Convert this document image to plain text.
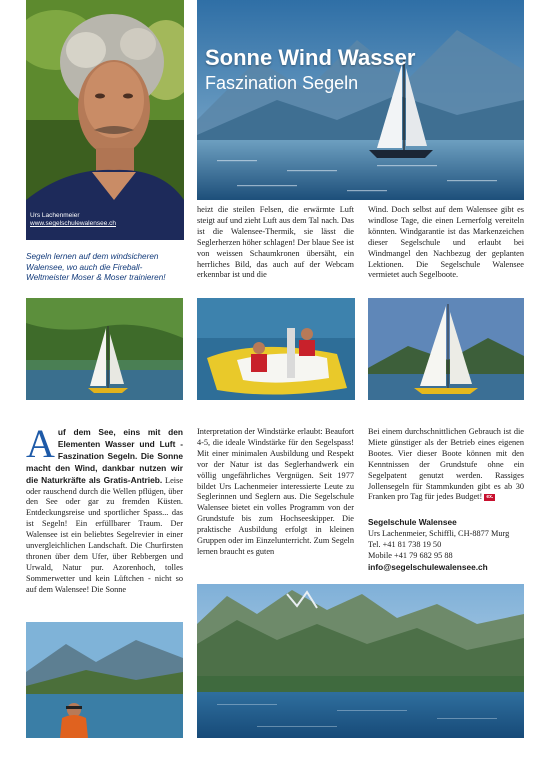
Urs Lachenmeier
www.segelschulewalensee.ch
Segeln lernen auf dem windsicheren Walensee, wo auch die Fireball-Weltmeister Moser & Moser trainieren!
Sonne Wind Wasser
Faszination Segeln

heizt die steilen Felsen, die erwärmte Luft steigt auf und zieht Luft aus dem Tal nach. Das ist die Walensee-Thermik, sie lässt die Seglerherzen höher schlagen! Der blaue See ist von weissen Schaumkronen übersäht, ein herrliches Bild, das auch auf der Webcam erkennbar ist und die

Wind. Doch selbst auf dem Walensee gibt es windlose Tage, die einen Lernerfolg vereiteln könnten. Windgarantie ist das Markenzeichen dieser Segelschule und erlaubt bei Windmangel den Nachbezug der geplanten Lektionen. Die Segelschule Walensee vermietet auch Segelboote.

A uf dem See, eins mit den Elementen Wasser und Luft - Faszination Segeln. Die Sonne macht den Wind, dankbar nutzen wir die Naturkräfte als Gratis-Antrieb. Leise oder rauschend durch die Wellen pflügen, über den See oder gar zu fremden Küsten. Entdeckungsreise und sportlicher Spass... das ist Segeln! Ein erfüllbarer Traum. Der Walensee ist ein beliebtes Segelrevier in einer unvergleichlichen Landschaft. Die Churfirsten thronen über dem Ufer, über Rebbergen und Urwald, Natur pur. Azorenhoch, tolles Sommerwetter und kein Lüftchen - nicht so auf dem Walensee! Die Sonne

Interpretation der Windstärke erlaubt: Beaufort 4-5, die ideale Windstärke für den Segelspass! Mit einer minimalen Ausbildung und Respekt vor der Natur ist das Seglerhandwerk ein völlig ungefährliches Vergnügen. Seit 1977 bildet Urs Lachenmeier interessierte Leute zu Seglerinnen und Seglern aus. Die Segelschule Walensee bietet ein volles Programm von der Grundstufe bis zum Hochseeskipper. Die praktische Ausbildung erfolgt in kleinen Gruppen oder im Einzelunterricht. Zum Segeln lernen braucht es guten

Bei einem durchschnittlichen Gebrauch ist die Miete günstiger als der Betrieb eines eigenen Bootes. Vier dieser Boote können mit den Kenntnissen der Grundstufe ohne ein Segelpatent genutzt werden. Rassiges Jollensegeln für Stammkunden gibt es ab 30 Franken pro Tag für jedes Budget! ex.

Segelschule Walensee
Urs Lachenmeier, Schiffli, CH-8877 Murg
Tel. +41 81 738 19 50
Mobile +41 79 682 95 88
info@segelschulewalensee.ch
